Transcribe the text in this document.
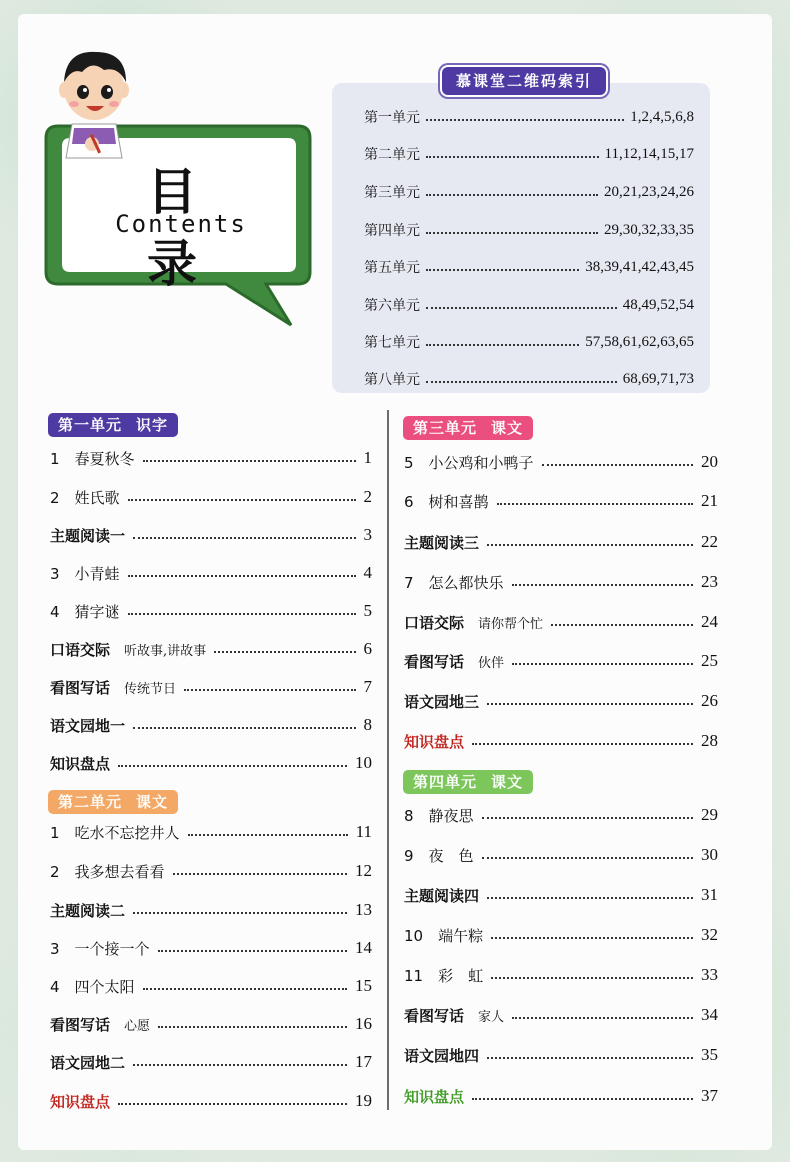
目 录
Contents
慕课堂二维码索引
第一单元	1,2,4,5,6,8
第二单元	11,12,14,15,17
第三单元	20,21,23,24,26
第四单元	29,30,32,33,35
第五单元	38,39,41,42,43,45
第六单元	48,49,52,54
第七单元	57,58,61,62,63,65
第八单元	68,69,71,73
第一单元 识字
1　春夏秋冬	1
2　姓氏歌	2
主题阅读一	3
3　小青蛙	4
4　猜字谜	5
口语交际 听故事,讲故事	6
看图写话 传统节日	7
语文园地一	8
知识盘点	10
第二单元 课文
1　吃水不忘挖井人	11
2　我多想去看看	12
主题阅读二	13
3　一个接一个	14
4　四个太阳	15
看图写话 心愿	16
语文园地二	17
知识盘点	19
第三单元 课文
5　小公鸡和小鸭子	20
6　树和喜鹊	21
主题阅读三	22
7　怎么都快乐	23
口语交际 请你帮个忙	24
看图写话 伙伴	25
语文园地三	26
知识盘点	28
第四单元 课文
8　静夜思	29
9　夜　色	30
主题阅读四	31
10　端午粽	32
11　彩　虹	33
看图写话 家人	34
语文园地四	35
知识盘点	37
